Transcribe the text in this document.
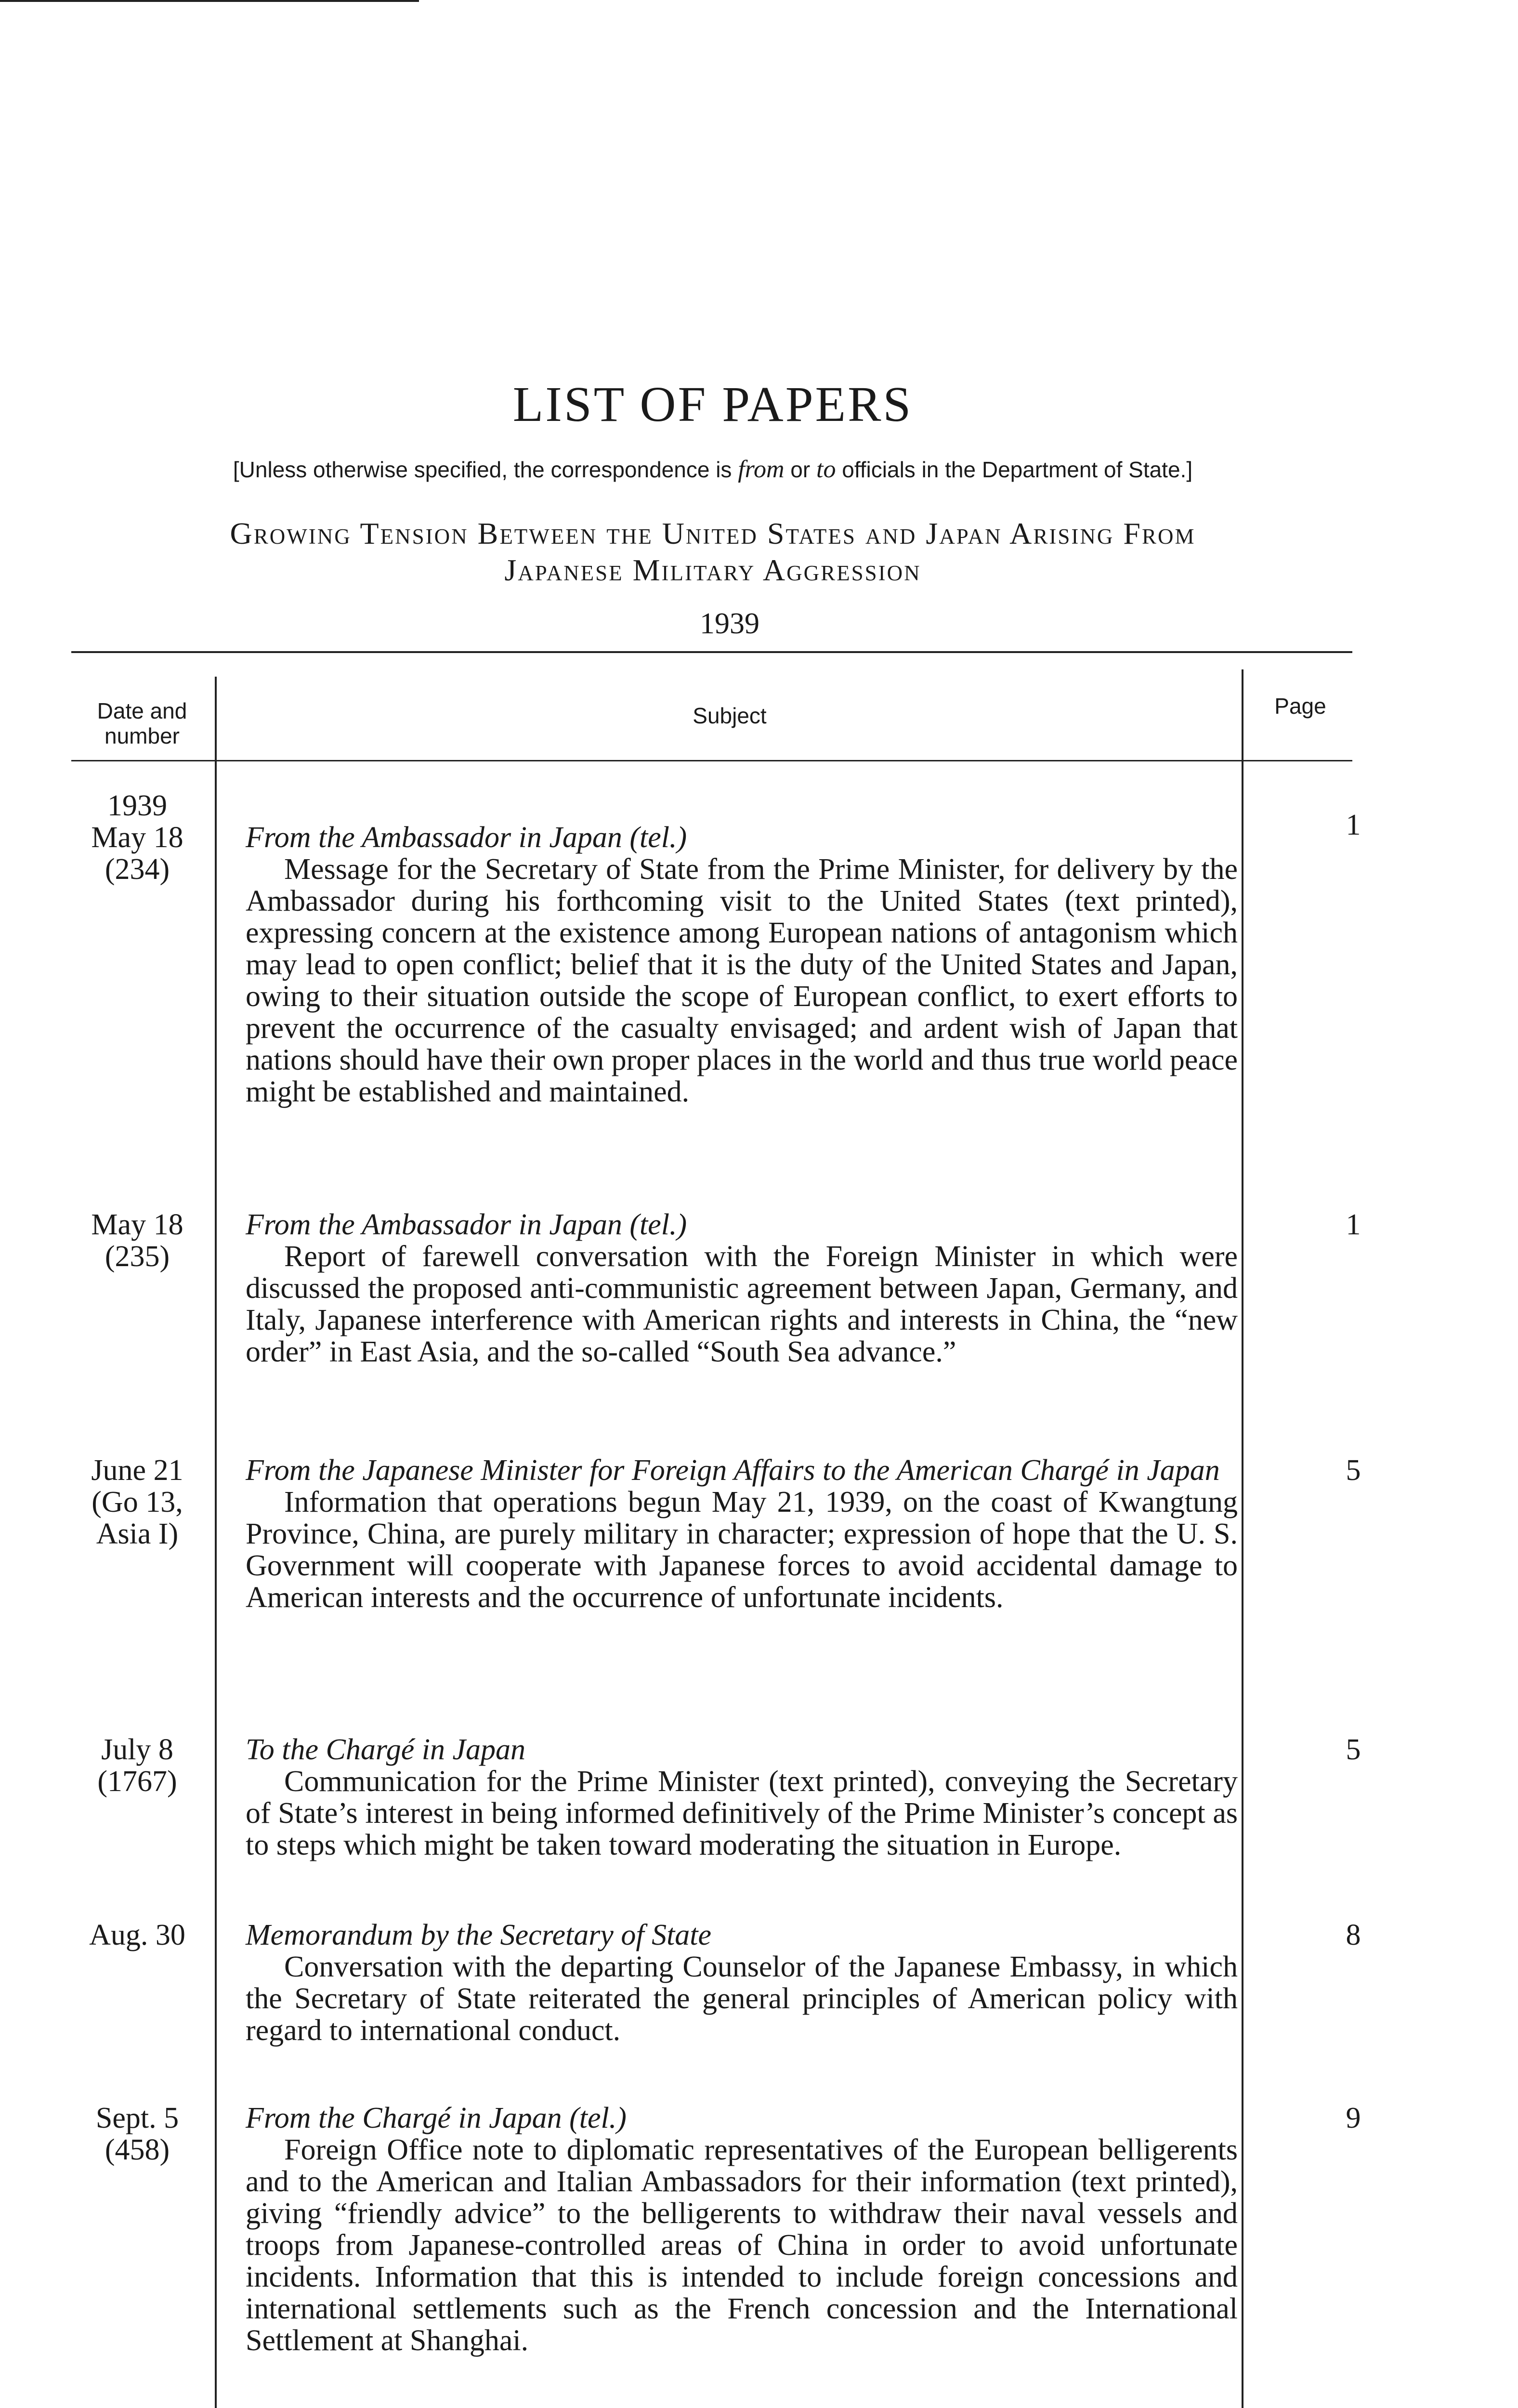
LIST OF PAPERS
[Unless otherwise specified, the correspondence is from or to officials in the Department of State.]
Growing Tension Between the United States and Japan Arising From
Japanese Military Aggression
1939
Date and number
Subject	Page
1939
May 18
(234)
From the Ambassador in Japan (tel.)
Message for the Secretary of State from the Prime Minister, for delivery by the Ambassador during his forthcoming visit to the United States (text printed), expressing concern at the existence among European nations of antagonism which may lead to open conflict; belief that it is the duty of the United States and Japan, owing to their situation outside the scope of European conflict, to exert efforts to prevent the occurrence of the casualty envisaged; and ardent wish of Japan that nations should have their own proper places in the world and thus true world peace might be established and maintained.
1
May 18
(235)
From the Ambassador in Japan (tel.)
Report of farewell conversation with the Foreign Minister in which were discussed the proposed anti-communistic agreement between Japan, Germany, and Italy, Japanese interference with American rights and interests in China, the “new order” in East Asia, and the so-called “South Sea advance.”
1
June 21
(Go 13,
Asia I)
From the Japanese Minister for Foreign Affairs to the American Chargé in Japan
Information that operations begun May 21, 1939, on the coast of Kwangtung Province, China, are purely military in character; expression of hope that the U. S. Government will cooperate with Japanese forces to avoid accidental damage to American interests and the occurrence of unfortunate incidents.
5
July 8
(1767)
To the Chargé in Japan
Communication for the Prime Minister (text printed), conveying the Secretary of State’s interest in being informed definitively of the Prime Minister’s concept as to steps which might be taken toward moderating the situation in Europe.
5
Aug. 30	Memorandum by the Secretary of State
Conversation with the departing Counselor of the Japanese Embassy, in which the Secretary of State reiterated the general principles of American policy with regard to international conduct.
8
Sept. 5
(458)
From the Chargé in Japan (tel.)
Foreign Office note to diplomatic representatives of the European belligerents and to the American and Italian Ambassadors for their information (text printed), giving “friendly advice” to the belligerents to withdraw their naval vessels and troops from Japanese-controlled areas of China in order to avoid unfortunate incidents. Information that this is intended to include foreign concessions and international settlements such as the French concession and the International Settlement at Shanghai.
9
